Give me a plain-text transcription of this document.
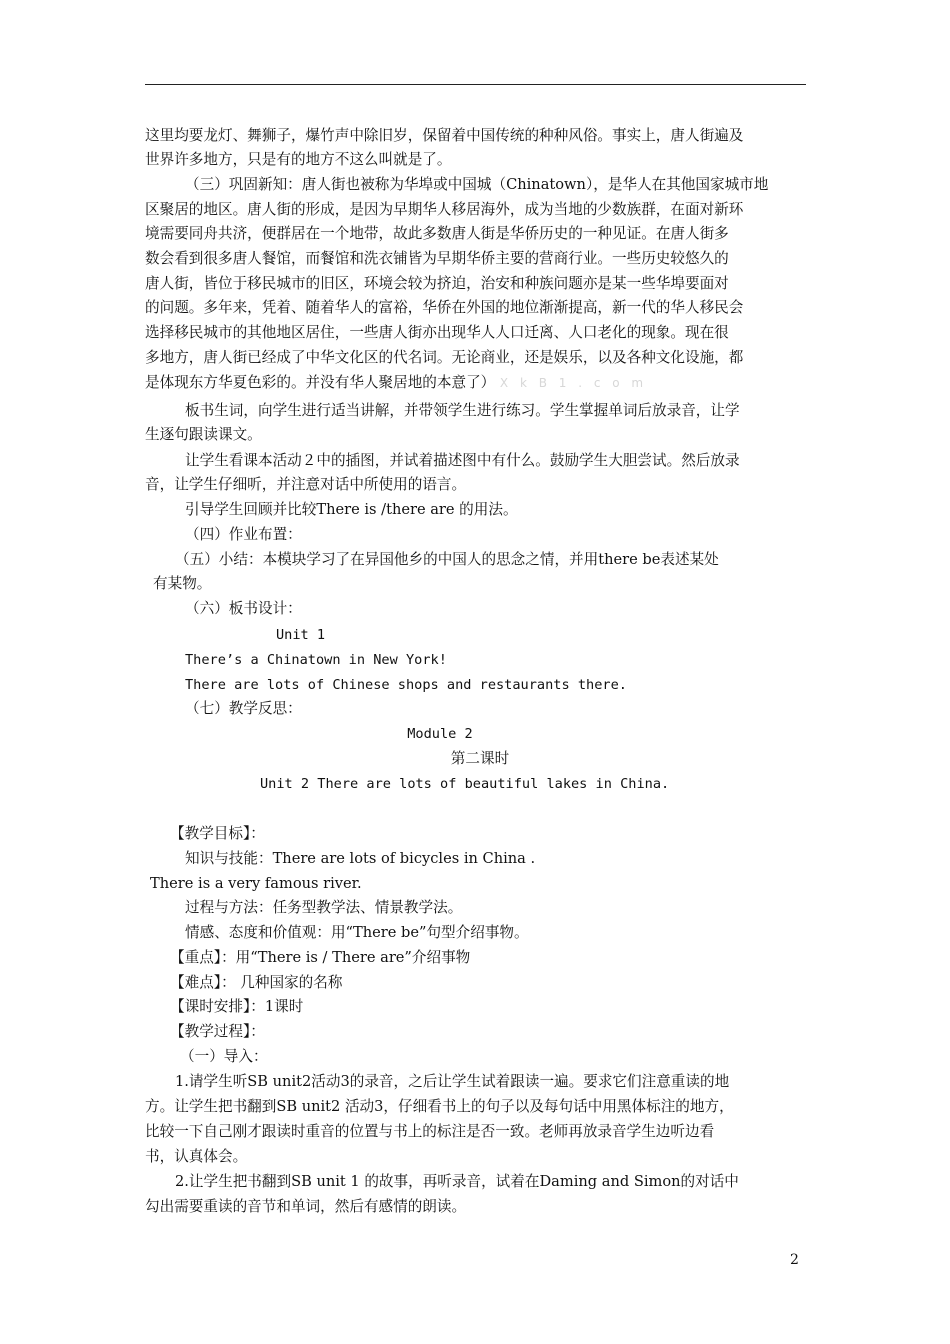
这里均要龙灯、舞狮子，爆竹声中除旧岁，保留着中国传统的种种风俗。事实上，唐人街遍及
世界许多地方，只是有的地方不这么叫就是了。
（三）巩固新知：唐人街也被称为华埠或中国城（Chinatown），是华人在其他国家城市地
区聚居的地区。唐人街的形成，是因为早期华人移居海外，成为当地的少数族群，在面对新环
境需要同舟共济，便群居在一个地带，故此多数唐人街是华侨历史的一种见证。在唐人街多
数会看到很多唐人餐馆，而餐馆和洗衣铺皆为早期华侨主要的营商行业。一些历史较悠久的
唐人街，皆位于移民城市的旧区，环境会较为挤迫，治安和种族问题亦是某一些华埠要面对
的问题。多年来，凭着、随着华人的富裕，华侨在外国的地位渐渐提高，新一代的华人移民会
选择移民城市的其他地区居住，一些唐人街亦出现华人人口迁离、人口老化的现象。现在很
多地方，唐人街已经成了中华文化区的代名词。无论商业，还是娱乐，以及各种文化设施，都
是体现东方华夏色彩的。并没有华人聚居地的本意了） X k B 1 . c o m
板书生词，向学生进行适当讲解，并带领学生进行练习。学生掌握单词后放录音，让学
生逐句跟读课文。
让学生看课本活动２中的插图，并试着描述图中有什么。鼓励学生大胆尝试。然后放录
音，让学生仔细听，并注意对话中所使用的语言。
引导学生回顾并比较There is /there are 的用法。
（四）作业布置：
（五）小结：本模块学习了在异国他乡的中国人的思念之情，并用there be表述某处
有某物。
（六）板书设计：
Unit 1
There’s a Chinatown in New York!
There are lots of Chinese shops and restaurants there.
（七）教学反思：
Module 2
第二课时
Unit 2 There are lots of beautiful lakes in China.
【教学目标】：
知识与技能：There are lots of bicycles in China .
There is a very famous river.
过程与方法：任务型教学法、情景教学法。
情感、态度和价值观：用“There be”句型介绍事物。
【重点】：用“There is / There are”介绍事物
【难点】： 几种国家的名称
【课时安排】：1课时
【教学过程】：
（一）导入：
1.请学生听SB unit2活动3的录音，之后让学生试着跟读一遍。要求它们注意重读的地
方。让学生把书翻到SB unit2 活动3，仔细看书上的句子以及每句话中用黑体标注的地方，
比较一下自己刚才跟读时重音的位置与书上的标注是否一致。老师再放录音学生边听边看
书，认真体会。
2.让学生把书翻到SB unit 1 的故事，再听录音，试着在Daming and Simon的对话中
勾出需要重读的音节和单词，然后有感情的朗读。
2
